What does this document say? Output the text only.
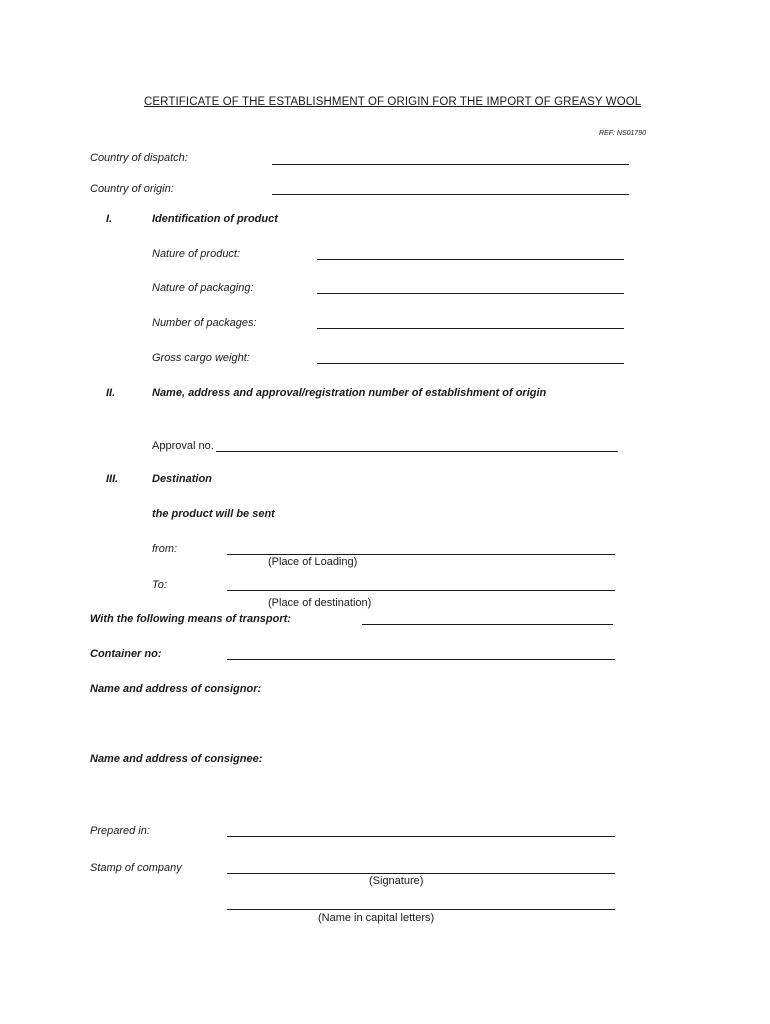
CERTIFICATE OF THE ESTABLISHMENT OF ORIGIN FOR THE IMPORT OF GREASY WOOL
REF: NS01790
Country of dispatch:
Country of origin:
I.	Identification of product
Nature of product:
Nature of packaging:
Number of packages:
Gross cargo weight:
II.	Name, address and approval/registration number of establishment of origin
Approval no.
III.	Destination
the product will be sent
from:
(Place of Loading)
To:
(Place of destination)
With the following means of transport:
Container no:
Name and address of consignor:
Name and address of consignee:
Prepared in:
Stamp of company
(Signature)
(Name in capital letters)
